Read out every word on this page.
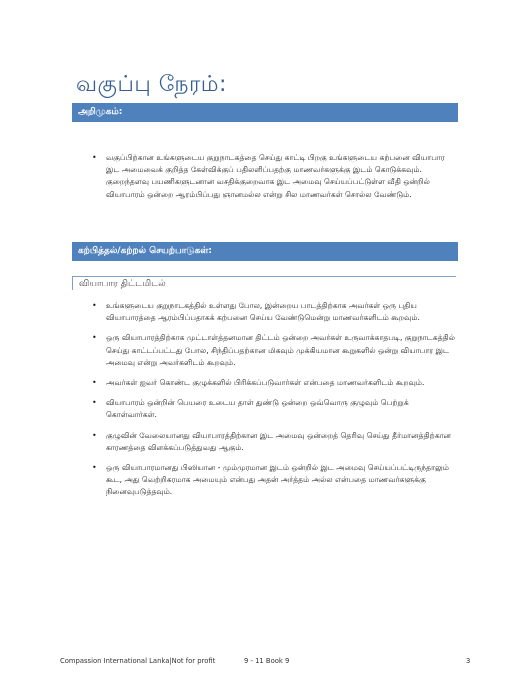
வகுப்பு நேரம்:
அறிமுகம்:
• வகுப்பிற்கான உங்களுடைய குறுநாடகத்தை செய்து காட்டி பிறகு உங்களுடைய கற்பனை வியாபார இட அமைவைக் குறித்த கேள்விக்குப் பதிலளிப்பதற்கு மாணவர்களுக்கு இடம் கொடுக்கவும். குறைந்தளவு பயணிகளுடனான வசதிக்குறைவாக இட அமைவு செய்யப்பட்டுள்ள வீதி ஒன்றில் வியாபாரம் ஒன்றை ஆரம்பிப்பது ஞானமல்ல என்று சில மாணவர்கள் சொல்ல வேண்டும்.
கற்பித்தல்/கற்றல் செயற்பாடுகள்:
வியாபார திட்டமிடல்
• உங்களுடைய குறுநாடகத்தில் உள்ளது போல, இன்றைய பாடத்திற்காக அவர்கள் ஒரு புதிய வியாபாரத்தை ஆரம்பிப்பதாகக் கற்பனை செய்ய வேண்டுமென்று மாணவர்களிடம் கூறவும்.
• ஒரு வியாபாரத்திற்காக முட்டாள்த்தனமான திட்டம் ஒன்றை அவர்கள் உருவாக்காதபடி, குறுநாடகத்தில் செய்து காட்டப்பட்டது போல, சிந்திப்பதற்கான மிகவும் முக்கியமான கூறுகளில் ஒன்று வியாபார இட அமைவு என்று அவர்களிடம் கூறவும்.
• அவர்கள் ஐவர் கொண்ட குழுக்களில் பிரிக்கப்படுவார்கள் என்பதை மாணவர்களிடம் கூறவும்.
• வியாபாரம் ஒன்றின் பெயரை உடைய தாள் துண்டு ஒன்றை ஒவ்வொரு குழுவும் பெற்றுக் கொள்வார்கள்.
• குழுவின் வேலையானது வியாபாரத்திற்கான இட அமைவு ஒன்றைத் தெரிவு செய்து தீர்மானத்திற்கான காரணத்தை விளக்கப்படுத்துவது ஆகும்.
• ஒரு வியாபாரமானது பிஸியான - மும்முரமான இடம் ஒன்றில் இட அமைவு செய்யப்பட்டிருந்தாலும் கூட, அது வெற்றிகரமாக அமையும் என்பது அதன் அர்த்தம் அல்ல என்பதை மாணவர்களுக்கு நினைவுபடுத்தவும்.
Compassion International Lanka|Not for profit	9 - 11 Book 9	3
